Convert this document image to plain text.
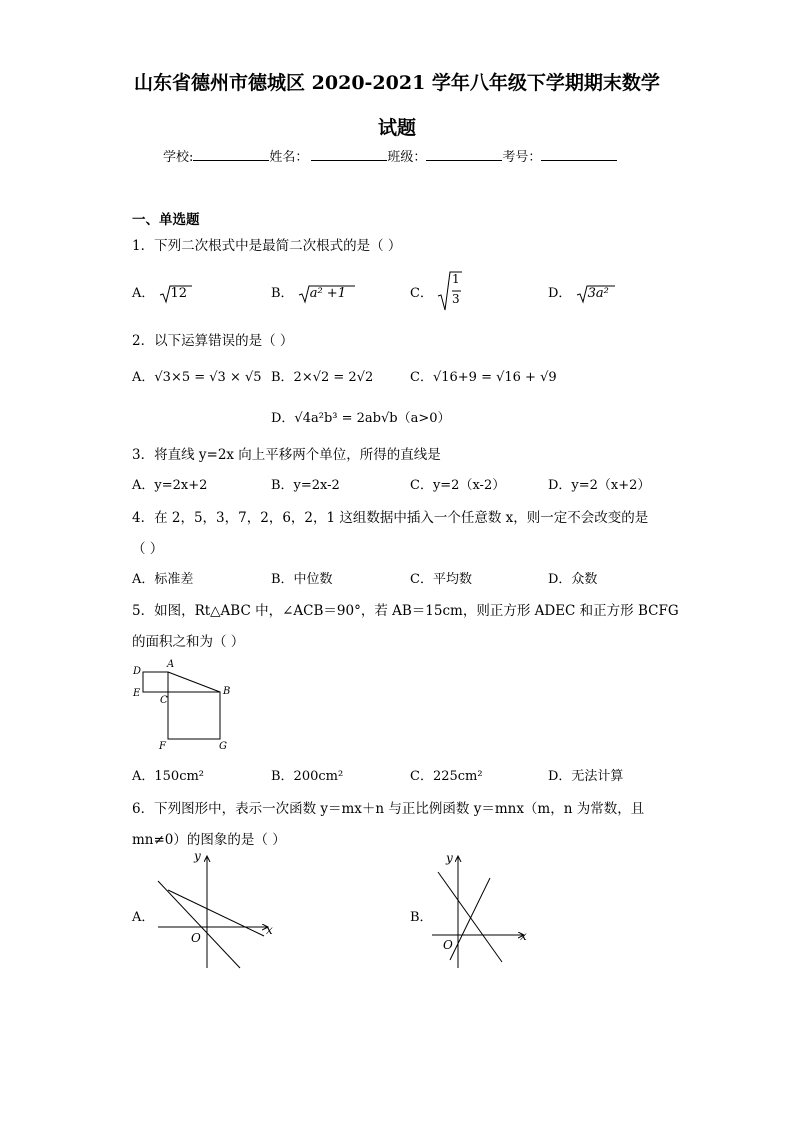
山东省德州市德城区 2020-2021 学年八年级下学期期末数学
试题
学校:	姓名：	班级：	考号：
一、单选题
1．下列二次根式中是最简二次根式的是（ ）
A． 12	B． a² +1	C．
1
3	D． 3a²
2．以下运算错误的是（ ）
A．√3×5 = √3 × √5 B．2×√2 = 2√2	C．√16+9 = √16 + √9
D．√4a²b³ = 2ab√b（a>0）
3．将直线 y=2x 向上平移两个单位，所得的直线是
A．y=2x+2	B．y=2x-2	C．y=2（x-2）	D．y=2（x+2）
4．在 2，5，3，7，2，6，2，1 这组数据中插入一个任意数 x，则一定不会改变的是
（ ）
A．标准差	B．中位数	C．平均数	D．众数
5．如图，Rt△ABC 中，∠ACB＝90°，若 AB＝15cm，则正方形 ADEC 和正方形 BCFG
的面积之和为（ ）
D
A
E
C
B
F	G
A．150cm²	B．200cm²	C．225cm²	D．无法计算
6．下列图形中，表示一次函数 y＝mx＋n 与正比例函数 y＝mnx（m，n 为常数，且
mn≠0）的图象的是（ ）
A．
y
x
O
B．
y
x
O
